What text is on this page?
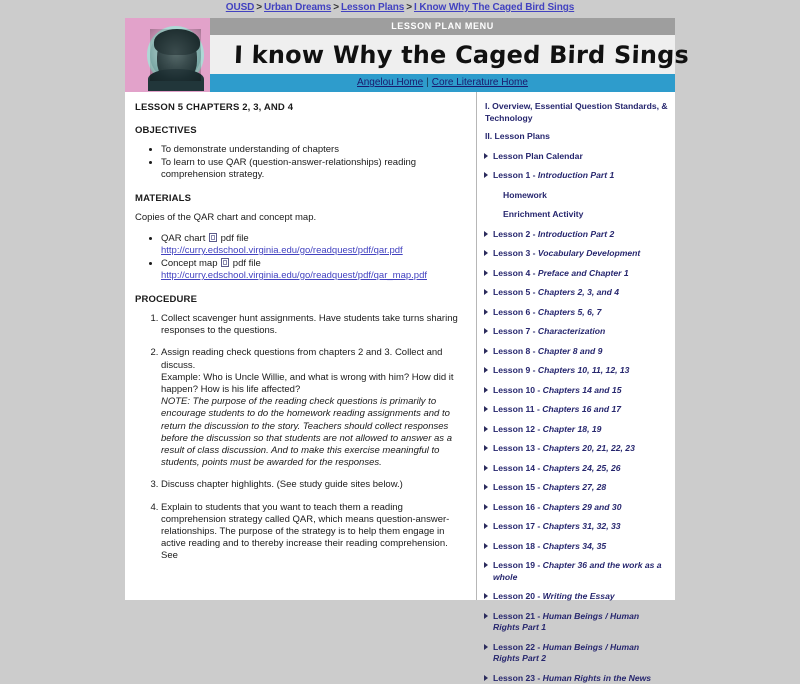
OUSD > Urban Dreams > Lesson Plans > I Know Why The Caged Bird Sings
LESSON PLAN MENU
I know Why the Caged Bird Sings
Angelou Home | Core Literature Home
LESSON 5 CHAPTERS 2, 3, AND 4
OBJECTIVES
• To demonstrate understanding of chapters
• To learn to use QAR (question-answer-relationships) reading comprehension strategy.
MATERIALS

Copies of the QAR chart and concept map.

• QAR chart pdf file
http://curry.edschool.virginia.edu/go/readquest/pdf/qar.pdf
• Concept map pdf file
http://curry.edschool.virginia.edu/go/readquest/pdf/qar_map.pdf
PROCEDURE
1. Collect scavenger hunt assignments. Have students take turns sharing responses to the questions.
2. Assign reading check questions from chapters 2 and 3. Collect and discuss.
Example: Who is Uncle Willie, and what is wrong with him? How did it happen? How is his life affected?
NOTE: The purpose of the reading check questions is primarily to encourage students to do the homework reading assignments and to return the discussion to the story. Teachers should collect responses before the discussion so that students are not allowed to answer as a result of class discussion. And to make this exercise meaningful to students, points must be awarded for the responses.
3. Discuss chapter highlights. (See study guide sites below.)
4. Explain to students that you want to teach them a reading comprehension strategy called QAR, which means question-answer-relationships. The purpose of the strategy is to help them engage in active reading and to thereby increase their reading comprehension.
See
I. Overview, Essential Question Standards, & Technology
II. Lesson Plans
Lesson Plan Calendar
Lesson 1 - Introduction Part 1
Homework
Enrichment Activity
Lesson 2 - Introduction Part 2
Lesson 3 - Vocabulary Development
Lesson 4 - Preface and Chapter 1
Lesson 5 - Chapters 2, 3, and 4
Lesson 6 - Chapters 5, 6, 7
Lesson 7 - Characterization
Lesson 8 - Chapter 8 and 9
Lesson 9 - Chapters 10, 11, 12, 13
Lesson 10 - Chapters 14 and 15
Lesson 11 - Chapters 16 and 17
Lesson 12 - Chapter 18, 19
Lesson 13 - Chapters 20, 21, 22, 23
Lesson 14 - Chapters 24, 25, 26
Lesson 15 - Chapters 27, 28
Lesson 16 - Chapters 29 and 30
Lesson 17 - Chapters 31, 32, 33
Lesson 18 - Chapters 34, 35
Lesson 19 - Chapter 36 and the work as a whole
Lesson 20 - Writing the Essay
Lesson 21 - Human Beings / Human Rights Part 1
Lesson 22 - Human Beings / Human Rights Part 2
Lesson 23 - Human Rights in the News
